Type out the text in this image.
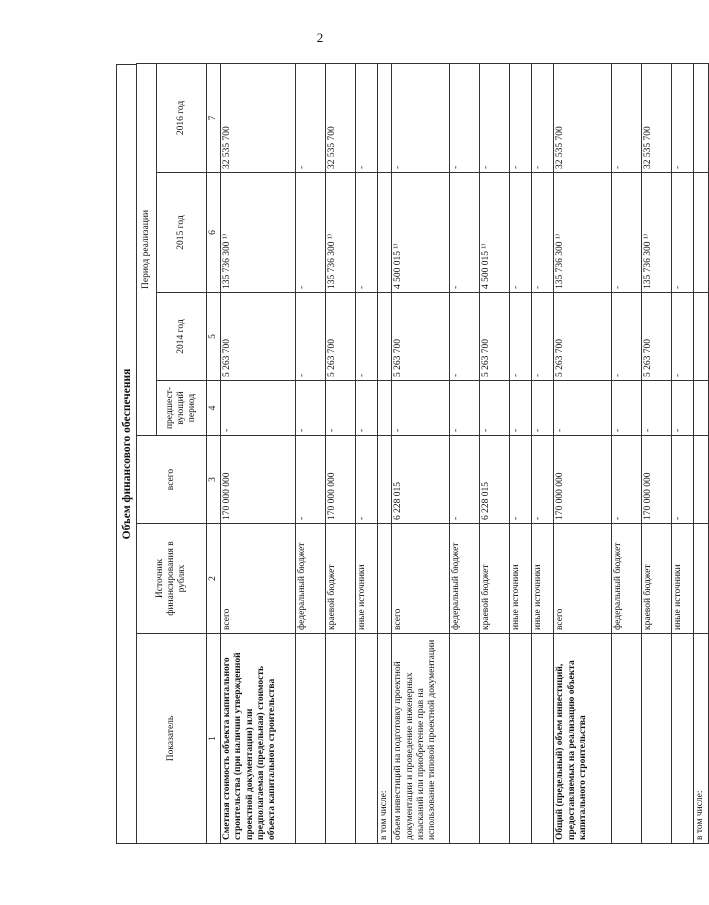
2
Объем финансового обеспечения
Показатель	Источник финансирования в рублях	всего	Период реализации			
			предшест-вующий период	2014 год	2015 год	2016 год

1	2	3	4	5	6	7
Сметная стоимость объекта капитального строительства (при наличии утвержденной проектной документации) или предполагаемая (предельная) стоимость объекта капитального строительства	всего	170 000 000	-	5 263 700	135 736 300 ¹⁾	32 535 700
	федеральный бюджет	-	-	-	-	-
	краевой бюджет	170 000 000	-	5 263 700	135 736 300 ¹⁾	32 535 700
	иные источники	-	-	-	-	-
в том числе:						
объем инвестиций на подготовку проектной документации и проведение инженерных изысканий или приобретение прав на использование типовой проектной документации	всего	6 228 015	-	5 263 700	4 500 015 ¹⁾	-
	федеральный бюджет	-	-	-	-	-
	краевой бюджет	6 228 015	-	5 263 700	4 500 015 ¹⁾	-
	иные источники	-	-	-	-	-
	иные источники	-	-	-	-	-
Общий (предельный) объем инвестиций, предоставляемых на реализацию объекта капитального строительства	всего	170 000 000	-	5 263 700	135 736 300 ¹⁾	32 535 700
	федеральный бюджет	-	-	-	-	-
	краевой бюджет	170 000 000	-	5 263 700	135 736 300 ¹⁾	32 535 700
	иные источники	-	-	-	-	-
в том числе:						
